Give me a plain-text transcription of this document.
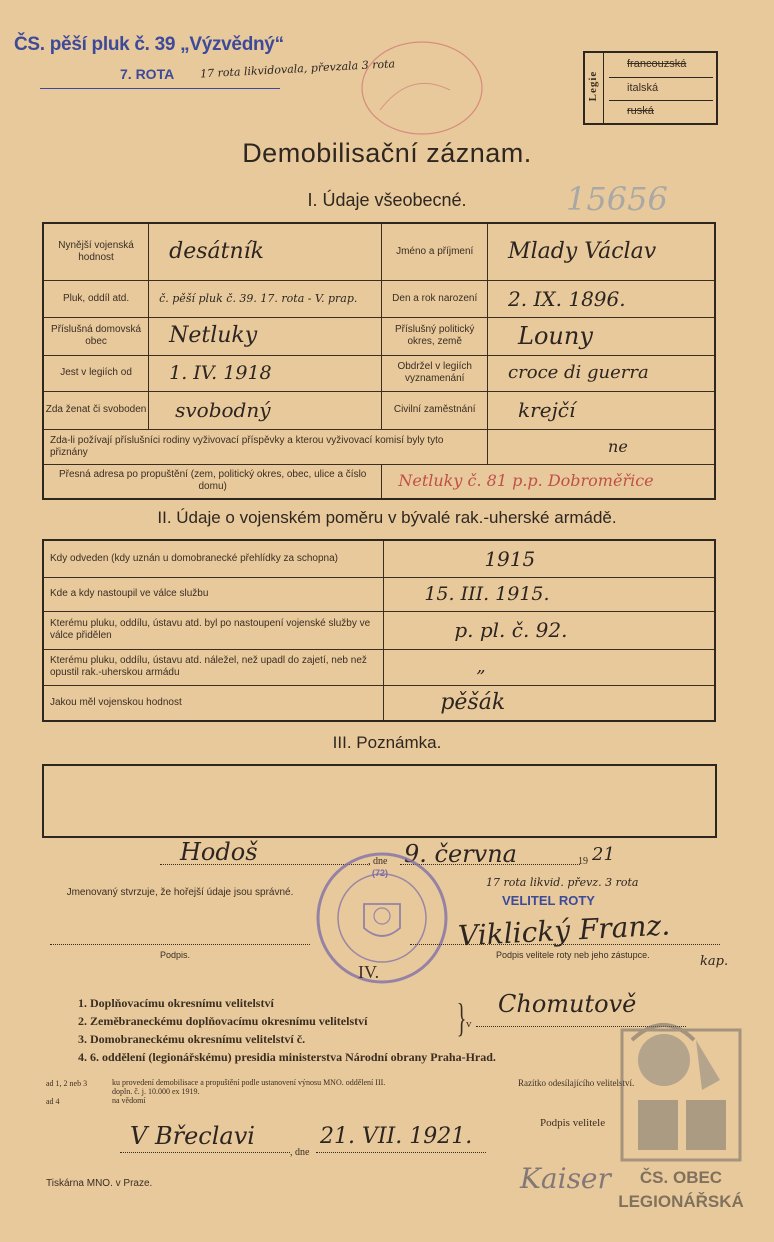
ČS. pěší pluk č. 39 „Výzvědný“
7. ROTA 17 rota likvidovala, převzala 3 rota
Legie
francouzská
italská
ruská
Demobilisační záznam.
I. Údaje všeobecné.	15656
Nynější vojenská hodnost	desátník	Jméno a příjmení	Mlady Václav
Pluk, oddíl atd.	č. pěší pluk č. 39. 17. rota - V. prap.	Den a rok narození	2. IX. 1896.
Příslušná domovská obec	Netluky	Příslušný politický okres, země	Louny
Jest v legiích od	1. IV. 1918	Obdržel v legiích vyznamenání	croce di guerra
Zda ženat či svoboden	svobodný	Civilní zaměstnání	krejčí
Zda-li požívají příslušníci rodiny vyživovací příspěvky a kterou vyživovací komisí byly tyto přiznány			ne
Přesná adresa po propuštění (zem, politický okres, obec, ulice a číslo domu)		Netluky č. 81 p.p. Dobroměřice	
II. Údaje o vojenském poměru v bývalé rak.-uherské armádě.
Kdy odveden (kdy uznán u domobranecké přehlídky za schopna)	1915
Kde a kdy nastoupil ve válce službu	15. III. 1915.
Kterému pluku, oddílu, ústavu atd. byl po nastoupení vojenské služby ve válce přidělen	p. pl. č. 92.
Kterému pluku, oddílu, ústavu atd. náležel, než upadl do zajetí, neb než opustil rak.-uherskou armádu	„
Jakou měl vojenskou hodnost	pěšák
III. Poznámka.
Hodoš	, dne 9. června	19 21
Jmenovaný stvrzuje, že hořejší údaje jsou správné.
(72)
17 rota likvid. převz. 3 rota
VELITEL ROTY
Viklický Franz.
kap.
Podpis.	Podpis velitele roty neb jeho zástupce.
IV.
1. Doplňovacímu okresnímu velitelství
2. Zeměbraneckému doplňovacímu okresnímu velitelství
3. Domobraneckému okresnímu velitelství č.
4. 6. oddělení (legionářskému) presidia ministerstva Národní obrany Praha-Hrad.
} v
Chomutově
ad 1, 2 neb 3
ad 4
ku provedení demobilisace a propuštění podle ustanovení výnosu MNO. oddělení III. dopln. č. j. 10.000 ex 1919.
na vědomí
Razítko odesílajícího velitelství.
V Břeclavi
, dne
21. VII. 1921.
Podpis velitele
Kaiser
Tiskárna MNO. v Praze.	ČS. OBEC
LEGIONÁŘSKÁ
